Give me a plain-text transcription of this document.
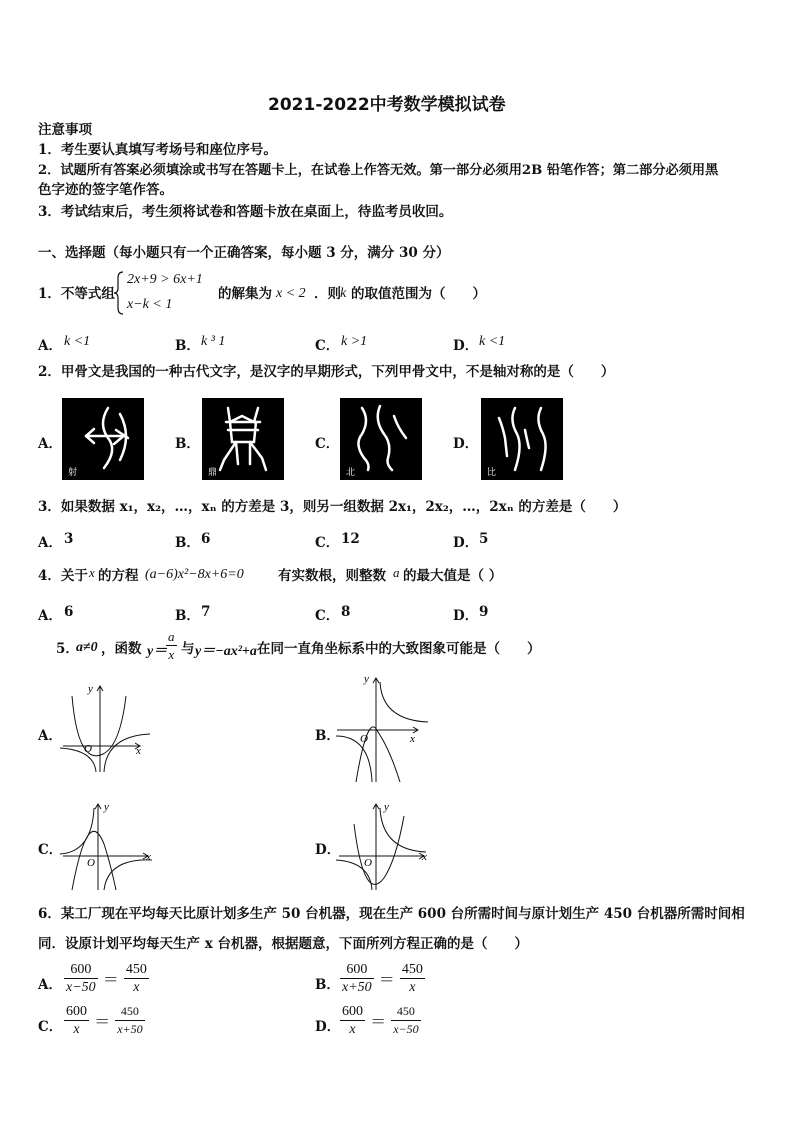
2021-2022中考数学模拟试卷
注意事项
1．考生要认真填写考场号和座位序号。
2．试题所有答案必须填涂或书写在答题卡上，在试卷上作答无效。第一部分必须用2B 铅笔作答；第二部分必须用黑
色字迹的签字笔作答。
3．考试结束后，考生须将试卷和答题卡放在桌面上，待监考员收回。
一、选择题（每小题只有一个正确答案，每小题 3 分，满分 30 分）
1．不等式组
2x+9 > 6x+1
x−k < 1
的解集为 x < 2 ．则 k 的取值范围为（　　）
A． k <1	B． k ³ 1	C． k >1	D． k <1
2．甲骨文是我国的一种古代文字，是汉字的早期形式，下列甲骨文中，不是轴对称的是（　　）
A．
射
B．
鼎
C．
北
D．
比
3．如果数据 x₁，x₂，…，xₙ 的方差是 3，则另一组数据 2x₁，2x₂，…，2xₙ 的方差是（　　）
A． 3	B． 6	C． 12	D． 5
4．关于 x 的方程 (a−6)x²−8x+6=0	有实数根，则整数 a 的最大值是（ ）
A． 6	B． 7	C． 8	D． 9
5．
a≠0 ，函数 y＝
$\frac{a}{x}$ 与 y＝−ax²+a 在同一直角坐标系中的大致图象可能是（　　）
A．
O	x
y
B． O	x
y
C．
O	x
y
D．
O	x
y
6．某工厂现在平均每天比原计划多生产 50 台机器，现在生产 600 台所需时间与原计划生产 450 台机器所需时间相
同．设原计划平均每天生产 x 台机器，根据题意，下面所列方程正确的是（　　）
A． $\frac{600}{x-50} = \frac{450}{x}$	B． $\frac{600}{x+50} = \frac{450}{x}$
C． $\frac{600}{x} = \frac{450}{x+50}$	D． $\frac{600}{x} = \frac{450}{x-50}$
